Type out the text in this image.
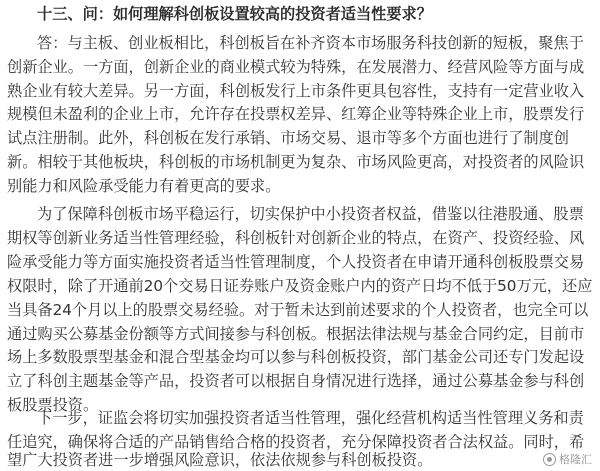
十三、问：如何理解科创板设置较高的投资者适当性要求？
答：与主板、创业板相比，科创板旨在补齐资本市场服务科技创新的短板，聚焦于
创新企业。一方面，创新企业的商业模式较为特殊，在发展潜力、经营风险等方面与成
熟企业有较大差异。另一方面，科创板发行上市条件更具包容性，支持有一定营业收入
规模但未盈利的企业上市，允许存在投票权差异、红筹企业等特殊企业上市，股票发行
试点注册制。此外，科创板在发行承销、市场交易、退市等多个方面也进行了制度创
新。相较于其他板块，科创板的市场机制更为复杂、市场风险更高，对投资者的风险识
别能力和风险承受能力有着更高的要求。
为了保障科创板市场平稳运行，切实保护中小投资者权益，借鉴以往港股通、股票
期权等创新业务适当性管理经验，科创板针对创新企业的特点，在资产、投资经验、风
险承受能力等方面实施投资者适当性管理制度，个人投资者在申请开通科创板股票交易
权限时，除了开通前20个交易日证券账户及资金账户内的资产日均不低于50万元，还应
当具备24个月以上的股票交易经验。对于暂未达到前述要求的个人投资者，也完全可以
通过购买公募基金份额等方式间接参与科创板。根据法律法规与基金合同约定，目前市
场上多数股票型基金和混合型基金均可以参与科创板投资，部门基金公司还专门发起设
立了科创主题基金等产品，投资者可以根据自身情况进行选择，通过公募基金参与科创
板股票投资。
下一步，证监会将切实加强投资者适当性管理，强化经营机构适当性管理义务和责
任追究，确保将合适的产品销售给合格的投资者，充分保障投资者合法权益。同时，希
望广大投资者进一步增强风险意识，依法依规参与科创板投资。	格隆汇
